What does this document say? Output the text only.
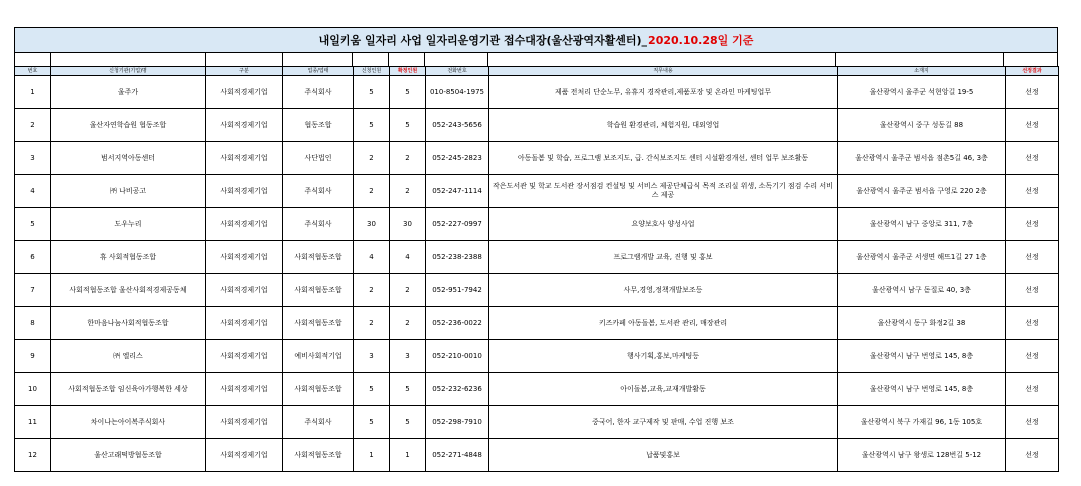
내일키움 일자리 사업 일자리운영기관 접수대장(울산광역자활센터)_ 2020.10.28일 기준
번호	신청기관(기업)명	구분	업종/업태	신청인원	확정인원	전화번호	직무내용	소재지	선정결과
1	울주가	사회적경제기업	주식회사	5	5	010-8504-1975	제품 전처리 단순노무, 유휴지 경작관리,제품포장 및 온라인 마케팅업무	울산광역시 울주군 석현앙길 19-5	선정
2	울산자연학습원 협동조합	사회적경제기업	협동조합	5	5	052-243-5656	학습원 환경관리, 체험지원, 대외영업	울산광역시 중구 성동길 88	선정
3	범서지역아동센터	사회적경제기업	사단법인	2	2	052-245-2823	아동돌봄 및 학습, 프로그램 보조지도, 급. 간식보조지도 센터 시설환경개선, 센터 업무 보조활동	울산광역시 울주군 범서읍 점촌5길 46, 3층	선정
4	㈜ 나비공고	사회적경제기업	주식회사	2	2	052-247-1114	작은도서관 및 학교 도서관 장서점검 컨설팅 및 서비스 제공단체급식 목적 조리실 위생, 소독기기 점검 수리 서비스 제공	울산광역시 울주군 범서읍 구영로 220 2층	선정
5	도우누리	사회적경제기업	주식회사	30	30	052-227-0997	요양보호사 양성사업	울산광역시 남구 중앙로 311, 7층	선정
6	휴 사회적협동조합	사회적경제기업	사회적협동조합	4	4	052-238-2388	프로그램개발 교육, 진행 및 홍보	울산광역시 울주군 서생면 해뜨1길 27 1층	선정
7	사회적협동조합 울산사회적경제공동체	사회적경제기업	사회적협동조합	2	2	052-951-7942	사무,경영,정책개발보조등	울산광역시 남구 돋질로 40, 3층	선정
8	한마음나눔사회적협동조합	사회적경제기업	사회적협동조합	2	2	052-236-0022	키즈카페 아동돌봄, 도서관 관리, 매장관리	울산광역시 동구 화정2길 38	선정
9	㈜ 엘리스	사회적경제기업	예비사회적기업	3	3	052-210-0010	행사기획,홍보,마케팅등	울산광역시 남구 번영로 145, 8층	선정
10	사회적협동조합 임신육아가행복한 세상	사회적경제기업	사회적협동조합	5	5	052-232-6236	아이돌봄,교육,교재개발활동	울산광역시 남구 번영로 145, 8층	선정
11	차이나는아이복주식회사	사회적경제기업	주식회사	5	5	052-298-7910	중국어, 한자 교구제작 및 판매, 수업 진행 보조	울산광역시 북구 가재길 96, 1동 105호	선정
12	울산고래떡방협동조합	사회적경제기업	사회적협동조합	1	1	052-271-4848	납품및홍보	울산광역시 남구 왕생로 128번길 5-12	선정
